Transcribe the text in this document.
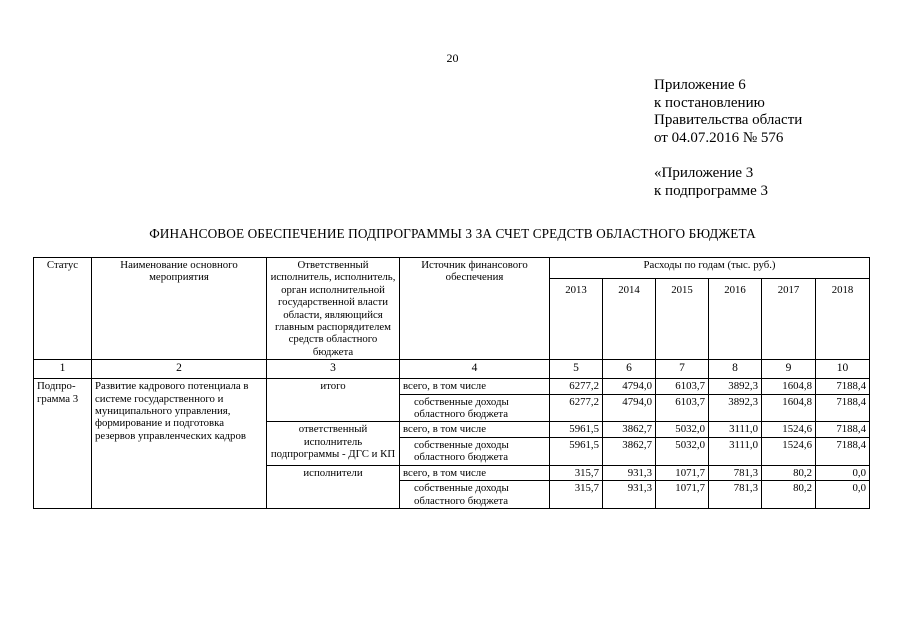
20
Приложение 6
к постановлению
Правительства области
от 04.07.2016 № 576
«Приложение 3
к подпрограмме 3
ФИНАНСОВОЕ ОБЕСПЕЧЕНИЕ ПОДПРОГРАММЫ 3 ЗА СЧЕТ СРЕДСТВ ОБЛАСТНОГО БЮДЖЕТА
Статус	Наименование основного мероприятия	Ответственный исполнитель, исполнитель, орган исполнительной государственной власти области, являющийся главным распорядителем средств областного бюджета	Источник финансового обеспечения	Расходы по годам (тыс. руб.)					
				2013	2014	2015	2016	2017	2018
1	2	3	4	5	6	7	8	9	10
Подпро-грамма 3	Развитие кадрового потенциала в системе государственного и муниципального управления, формирование и подготовка резервов управленческих кадров	итого	всего, в том числе	6277,2	4794,0	6103,7	3892,3	1604,8	7188,4
			собственные доходы областного бюджета	6277,2	4794,0	6103,7	3892,3	1604,8	7188,4
		ответственный исполнитель подпрограммы - ДГС и КП	всего, в том числе	5961,5	3862,7	5032,0	3111,0	1524,6	7188,4
			собственные доходы областного бюджета	5961,5	3862,7	5032,0	3111,0	1524,6	7188,4
		исполнители	всего, в том числе	315,7	931,3	1071,7	781,3	80,2	0,0
			собственные доходы областного бюджета	315,7	931,3	1071,7	781,3	80,2	0,0
